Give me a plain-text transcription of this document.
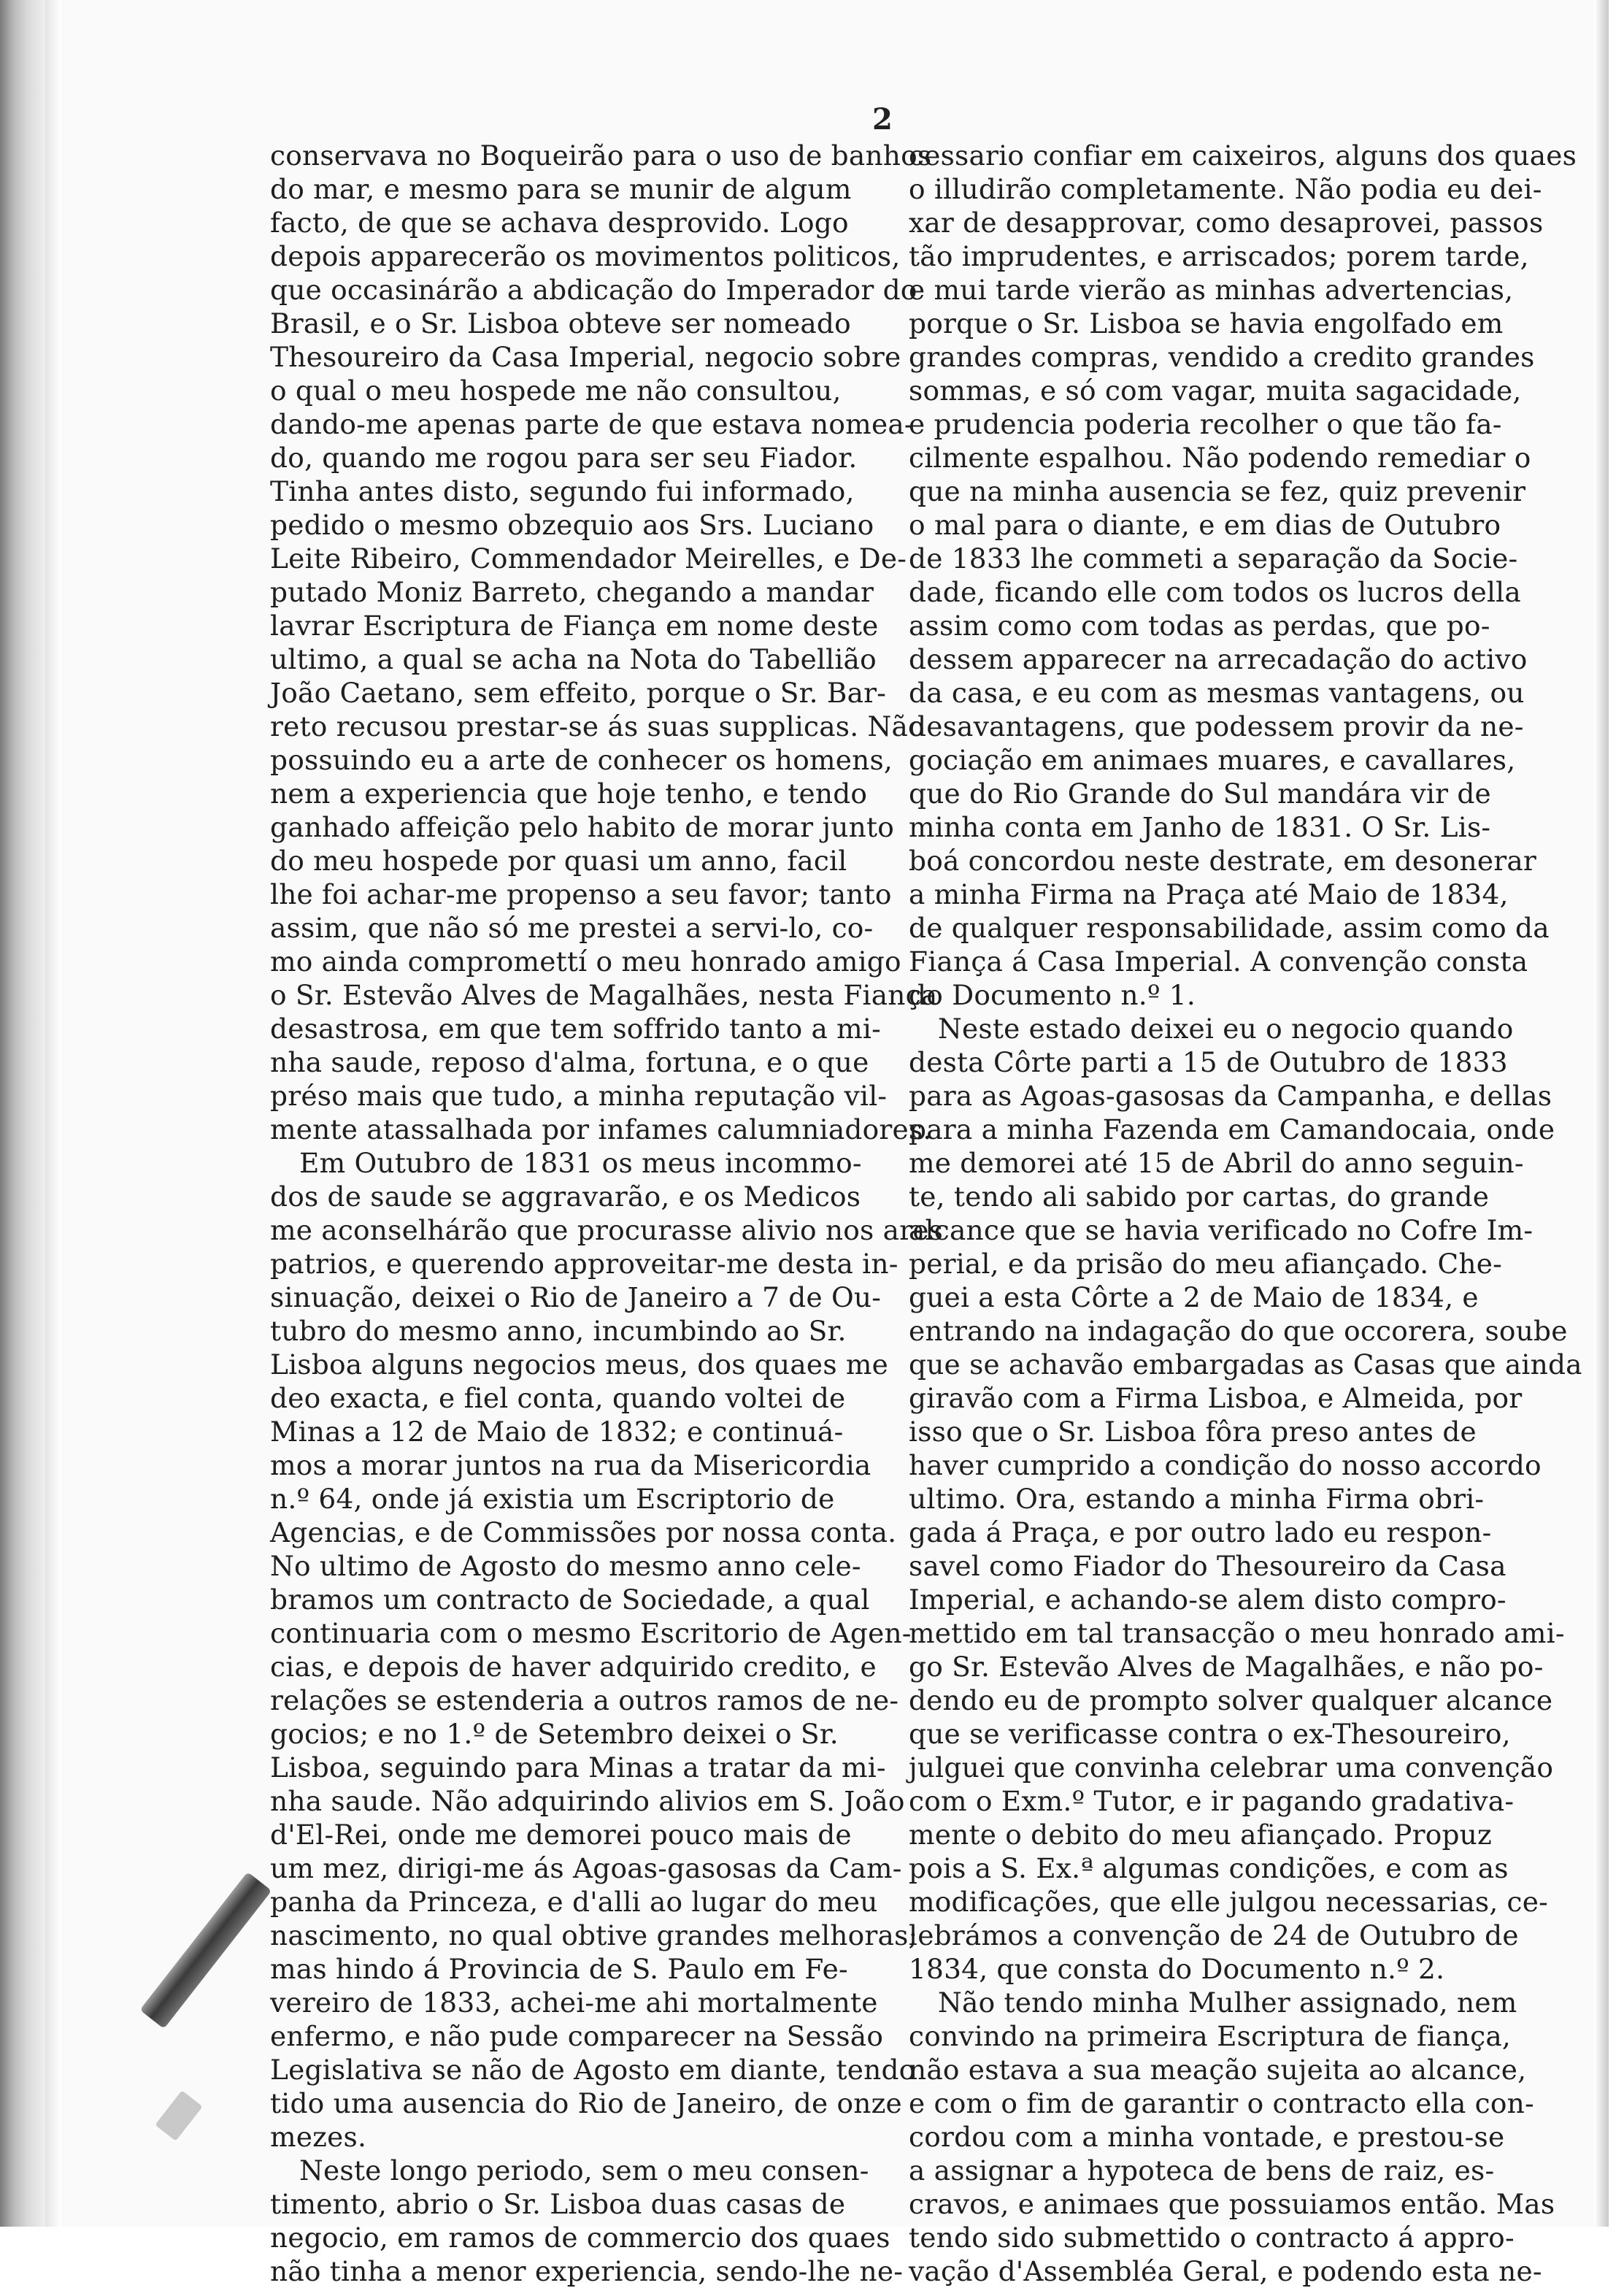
2
conservava no Boqueirão para o uso de banhos
do mar, e mesmo para se munir de algum
facto, de que se achava desprovido. Logo
depois apparecerão os movimentos politicos,
que occasinárão a abdicação do Imperador do
Brasil, e o Sr. Lisboa obteve ser nomeado
Thesoureiro da Casa Imperial, negocio sobre
o qual o meu hospede me não consultou,
dando-me apenas parte de que estava nomea-
do, quando me rogou para ser seu Fiador.
Tinha antes disto, segundo fui informado,
pedido o mesmo obzequio aos Srs. Luciano
Leite Ribeiro, Commendador Meirelles, e De-
putado Moniz Barreto, chegando a mandar
lavrar Escriptura de Fiança em nome deste
ultimo, a qual se acha na Nota do Tabellião
João Caetano, sem effeito, porque o Sr. Bar-
reto recusou prestar-se ás suas supplicas. Não
possuindo eu a arte de conhecer os homens,
nem a experiencia que hoje tenho, e tendo
ganhado affeição pelo habito de morar junto
do meu hospede por quasi um anno, facil
lhe foi achar-me propenso a seu favor; tanto
assim, que não só me prestei a servi-lo, co-
mo ainda compromettí o meu honrado amigo
o Sr. Estevão Alves de Magalhães, nesta Fiança
desastrosa, em que tem soffrido tanto a mi-
nha saude, reposo d'alma, fortuna, e o que
préso mais que tudo, a minha reputação vil-
mente atassalhada por infames calumniadores.
Em Outubro de 1831 os meus incommo-
dos de saude se aggravarão, e os Medicos
me aconselhárão que procurasse alivio nos ares
patrios, e querendo approveitar-me desta in-
sinuação, deixei o Rio de Janeiro a 7 de Ou-
tubro do mesmo anno, incumbindo ao Sr.
Lisboa alguns negocios meus, dos quaes me
deo exacta, e fiel conta, quando voltei de
Minas a 12 de Maio de 1832; e continuá-
mos a morar juntos na rua da Misericordia
n.º 64, onde já existia um Escriptorio de
Agencias, e de Commissões por nossa conta.
No ultimo de Agosto do mesmo anno cele-
bramos um contracto de Sociedade, a qual
continuaria com o mesmo Escritorio de Agen-
cias, e depois de haver adquirido credito, e
relações se estenderia a outros ramos de ne-
gocios; e no 1.º de Setembro deixei o Sr.
Lisboa, seguindo para Minas a tratar da mi-
nha saude. Não adquirindo alivios em S. João
d'El-Rei, onde me demorei pouco mais de
um mez, dirigi-me ás Agoas-gasosas da Cam-
panha da Princeza, e d'alli ao lugar do meu
nascimento, no qual obtive grandes melhoras;
mas hindo á Provincia de S. Paulo em Fe-
vereiro de 1833, achei-me ahi mortalmente
enfermo, e não pude comparecer na Sessão
Legislativa se não de Agosto em diante, tendo
tido uma ausencia do Rio de Janeiro, de onze
mezes.
Neste longo periodo, sem o meu consen-
timento, abrio o Sr. Lisboa duas casas de
negocio, em ramos de commercio dos quaes
não tinha a menor experiencia, sendo-lhe ne-
cessario confiar em caixeiros, alguns dos quaes
o illudirão completamente. Não podia eu dei-
xar de desapprovar, como desaprovei, passos
tão imprudentes, e arriscados; porem tarde,
e mui tarde vierão as minhas advertencias,
porque o Sr. Lisboa se havia engolfado em
grandes compras, vendido a credito grandes
sommas, e só com vagar, muita sagacidade,
e prudencia poderia recolher o que tão fa-
cilmente espalhou. Não podendo remediar o
que na minha ausencia se fez, quiz prevenir
o mal para o diante, e em dias de Outubro
de 1833 lhe commeti a separação da Socie-
dade, ficando elle com todos os lucros della
assim como com todas as perdas, que po-
dessem apparecer na arrecadação do activo
da casa, e eu com as mesmas vantagens, ou
desavantagens, que podessem provir da ne-
gociação em animaes muares, e cavallares,
que do Rio Grande do Sul mandára vir de
minha conta em Janho de 1831. O Sr. Lis-
boá concordou neste destrate, em desonerar
a minha Firma na Praça até Maio de 1834,
de qualquer responsabilidade, assim como da
Fiança á Casa Imperial. A convenção consta
do Documento n.º 1.
Neste estado deixei eu o negocio quando
desta Côrte parti a 15 de Outubro de 1833
para as Agoas-gasosas da Campanha, e dellas
para a minha Fazenda em Camandocaia, onde
me demorei até 15 de Abril do anno seguin-
te, tendo ali sabido por cartas, do grande
alcance que se havia verificado no Cofre Im-
perial, e da prisão do meu afiançado. Che-
guei a esta Côrte a 2 de Maio de 1834, e
entrando na indagação do que occorera, soube
que se achavão embargadas as Casas que ainda
giravão com a Firma Lisboa, e Almeida, por
isso que o Sr. Lisboa fôra preso antes de
haver cumprido a condição do nosso accordo
ultimo. Ora, estando a minha Firma obri-
gada á Praça, e por outro lado eu respon-
savel como Fiador do Thesoureiro da Casa
Imperial, e achando-se alem disto compro-
mettido em tal transacção o meu honrado ami-
go Sr. Estevão Alves de Magalhães, e não po-
dendo eu de prompto solver qualquer alcance
que se verificasse contra o ex-Thesoureiro,
julguei que convinha celebrar uma convenção
com o Exm.º Tutor, e ir pagando gradativa-
mente o debito do meu afiançado. Propuz
pois a S. Ex.ª algumas condições, e com as
modificações, que elle julgou necessarias, ce-
lebrámos a convenção de 24 de Outubro de
1834, que consta do Documento n.º 2.
Não tendo minha Mulher assignado, nem
convindo na primeira Escriptura de fiança,
não estava a sua meação sujeita ao alcance,
e com o fim de garantir o contracto ella con-
cordou com a minha vontade, e prestou-se
a assignar a hypoteca de bens de raiz, es-
cravos, e animaes que possuiamos então. Mas
tendo sido submettido o contracto á appro-
vação d'Assembléa Geral, e podendo esta ne-
